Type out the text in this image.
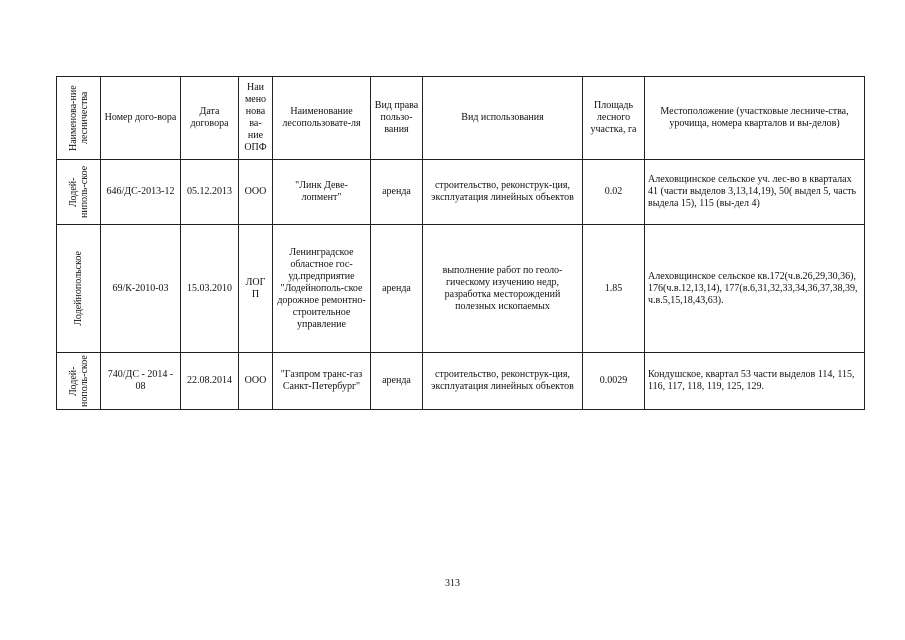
Наименова-ние лесничества	Номер дого-вора	Дата договора	Наи мено нова ва-ние ОПФ	Наименование лесопользовате-ля	Вид права пользо-вания	Вид использования	Площадь лесного участка, га	Местоположение (участковые лесниче-ства, урочища, номера кварталов и вы-делов)

Лодей-ниполь-ское	646/ДС-2013-12	05.12.2013	ООО	"Линк Деве-лопмент"	аренда	строительство, реконструк-ция, эксплуатация линейных объектов	0.02	Алеховщинское сельское уч. лес-во в кварталах 41 (части выделов 3,13,14,19), 50( выдел 5, часть выдела 15), 115 (вы-дел 4)

Лодейнопольское	69/К-2010-03	15.03.2010	ЛОГ П	Ленинградское областное гос-уд.предприятие "Лодейнополь-ское дорожное ремонтно-строительное управление	аренда	выполнение работ по геоло-гическому изучению недр, разработка месторождений полезных ископаемых	1.85	Алеховщинское сельское кв.172(ч.в.26,29,30,36), 176(ч.в.12,13,14), 177(в.6,31,32,33,34,36,37,38,39, ч.в.5,15,18,43,63).

Лодей-нополь-ское	740/ДС - 2014 - 08	22.08.2014	ООО	"Газпром транс-газ Санкт-Петербург"	аренда	строительство, реконструк-ция, эксплуатация линейных объектов	0.0029	Кондушское, квартал 53 части выделов 114, 115, 116, 117, 118, 119, 125, 129.
313
